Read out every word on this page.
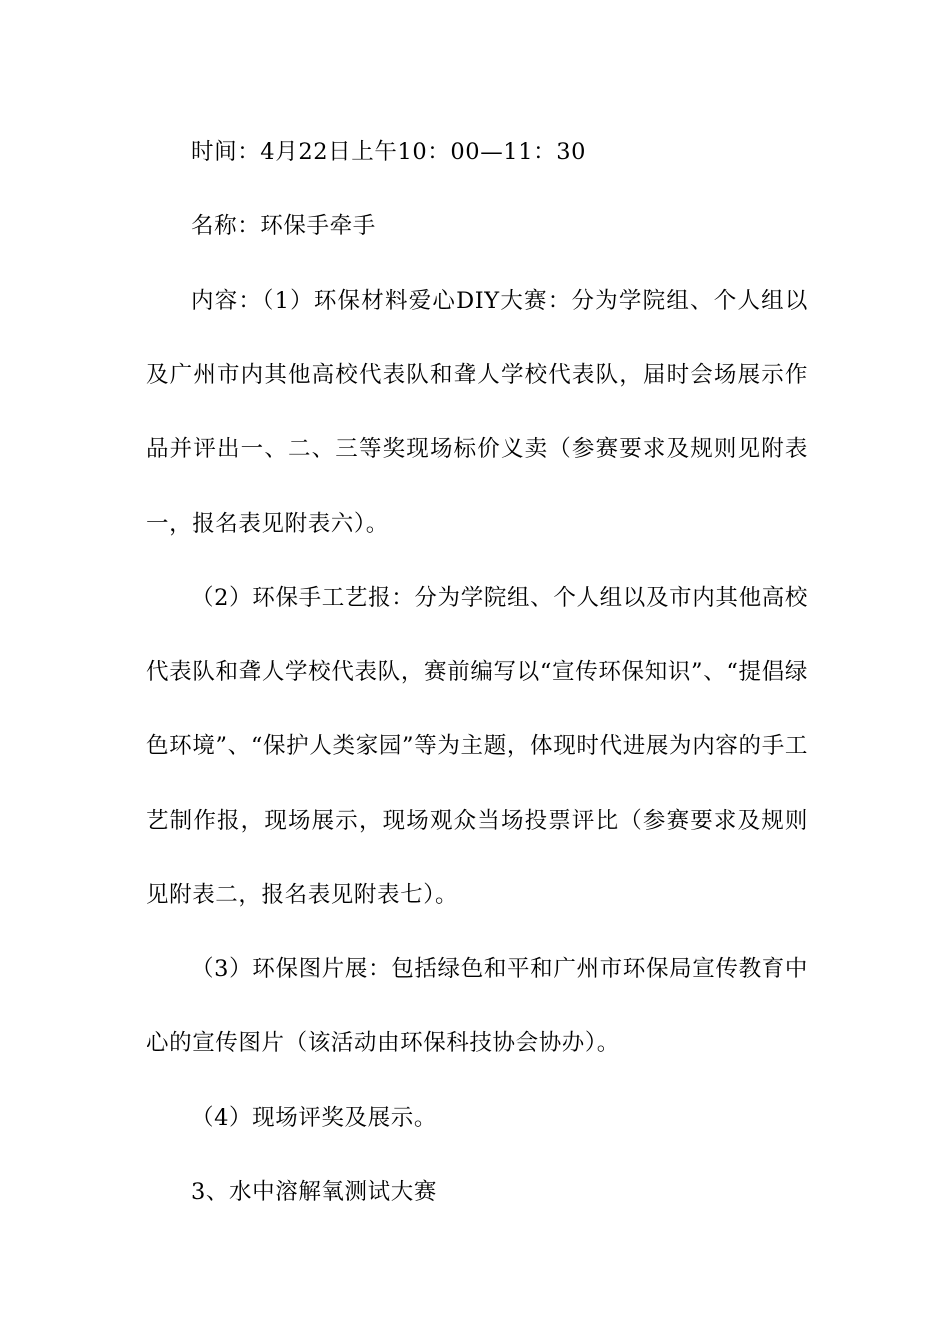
时间：4月22日上午10：00—11：30

名称：环保手牵手

内容：（1）环保材料爱心DIY大赛：分为学院组、个人组以及广州市内其他高校代表队和聋人学校代表队，届时会场展示作品并评出一、二、三等奖现场标价义卖（参赛要求及规则见附表一，报名表见附表六）。

（2）环保手工艺报：分为学院组、个人组以及市内其他高校代表队和聋人学校代表队，赛前编写以“宣传环保知识”、“提倡绿色环境”、“保护人类家园”等为主题，体现时代进展为内容的手工艺制作报，现场展示，现场观众当场投票评比（参赛要求及规则见附表二，报名表见附表七）。

（3）环保图片展：包括绿色和平和广州市环保局宣传教育中心的宣传图片（该活动由环保科技协会协办）。

（4）现场评奖及展示。

3、水中溶解氧测试大赛
